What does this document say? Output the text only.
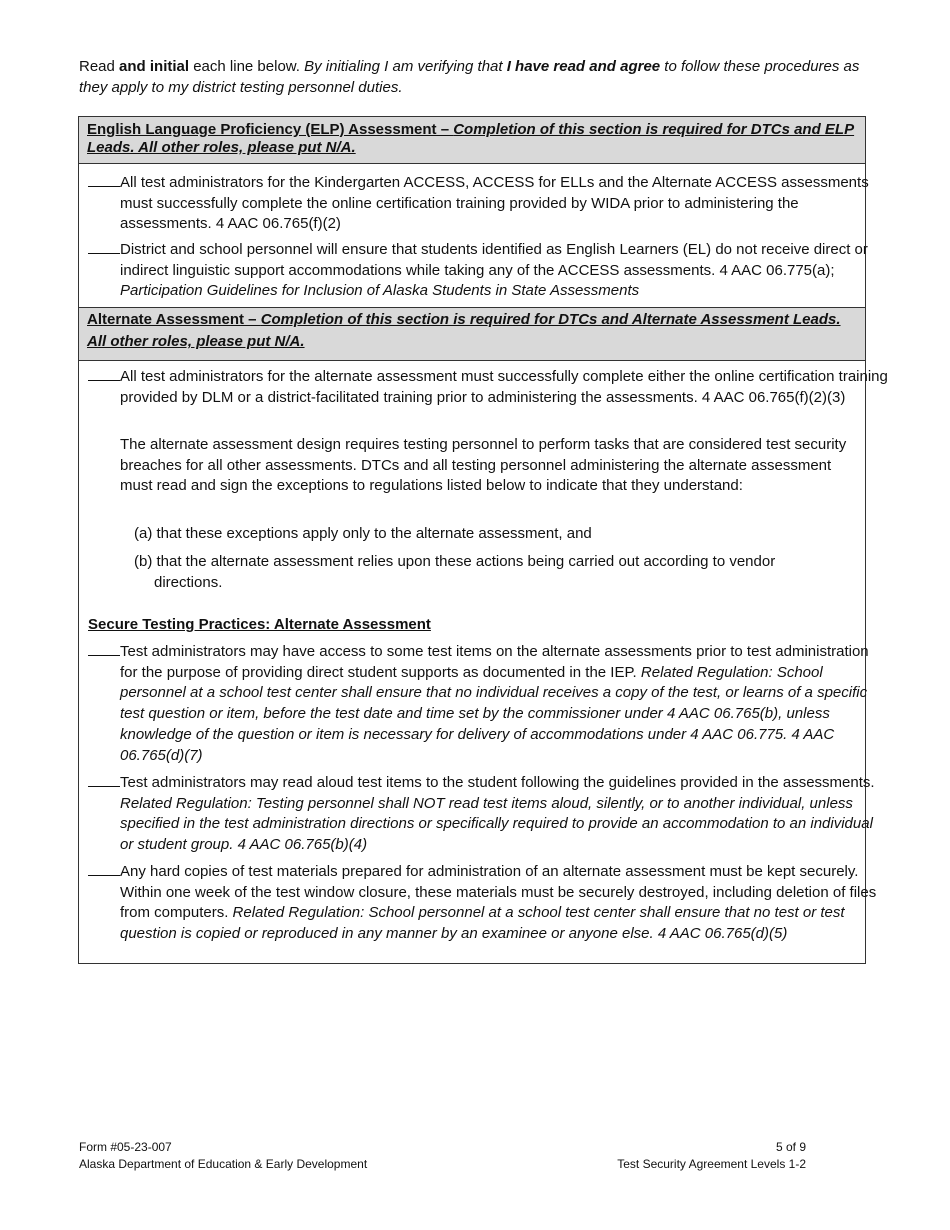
Read and initial each line below. By initialing I am verifying that I have read and agree to follow these procedures as they apply to my district testing personnel duties.
English Language Proficiency (ELP) Assessment – Completion of this section is required for DTCs and ELP Leads. All other roles, please put N/A.
All test administrators for the Kindergarten ACCESS, ACCESS for ELLs and the Alternate ACCESS assessments must successfully complete the online certification training provided by WIDA prior to administering the assessments. 4 AAC 06.765(f)(2)
District and school personnel will ensure that students identified as English Learners (EL) do not receive direct or indirect linguistic support accommodations while taking any of the ACCESS assessments. 4 AAC 06.775(a); Participation Guidelines for Inclusion of Alaska Students in State Assessments
Alternate Assessment – Completion of this section is required for DTCs and Alternate Assessment Leads. All other roles, please put N/A.
All test administrators for the alternate assessment must successfully complete either the online certification training provided by DLM or a district-facilitated training prior to administering the assessments. 4 AAC 06.765(f)(2)(3)
The alternate assessment design requires testing personnel to perform tasks that are considered test security breaches for all other assessments. DTCs and all testing personnel administering the alternate assessment must read and sign the exceptions to regulations listed below to indicate that they understand:
(a) that these exceptions apply only to the alternate assessment, and
(b) that the alternate assessment relies upon these actions being carried out according to vendor directions.
Secure Testing Practices: Alternate Assessment
Test administrators may have access to some test items on the alternate assessments prior to test administration for the purpose of providing direct student supports as documented in the IEP. Related Regulation: School personnel at a school test center shall ensure that no individual receives a copy of the test, or learns of a specific test question or item, before the test date and time set by the commissioner under 4 AAC 06.765(b), unless knowledge of the question or item is necessary for delivery of accommodations under 4 AAC 06.775. 4 AAC 06.765(d)(7)
Test administrators may read aloud test items to the student following the guidelines provided in the assessments. Related Regulation: Testing personnel shall NOT read test items aloud, silently, or to another individual, unless specified in the test administration directions or specifically required to provide an accommodation to an individual or student group. 4 AAC 06.765(b)(4)
Any hard copies of test materials prepared for administration of an alternate assessment must be kept securely. Within one week of the test window closure, these materials must be securely destroyed, including deletion of files from computers. Related Regulation: School personnel at a school test center shall ensure that no test or test question is copied or reproduced in any manner by an examinee or anyone else. 4 AAC 06.765(d)(5)
Form #05-23-007
Alaska Department of Education & Early Development
5 of 9
Test Security Agreement Levels 1-2
